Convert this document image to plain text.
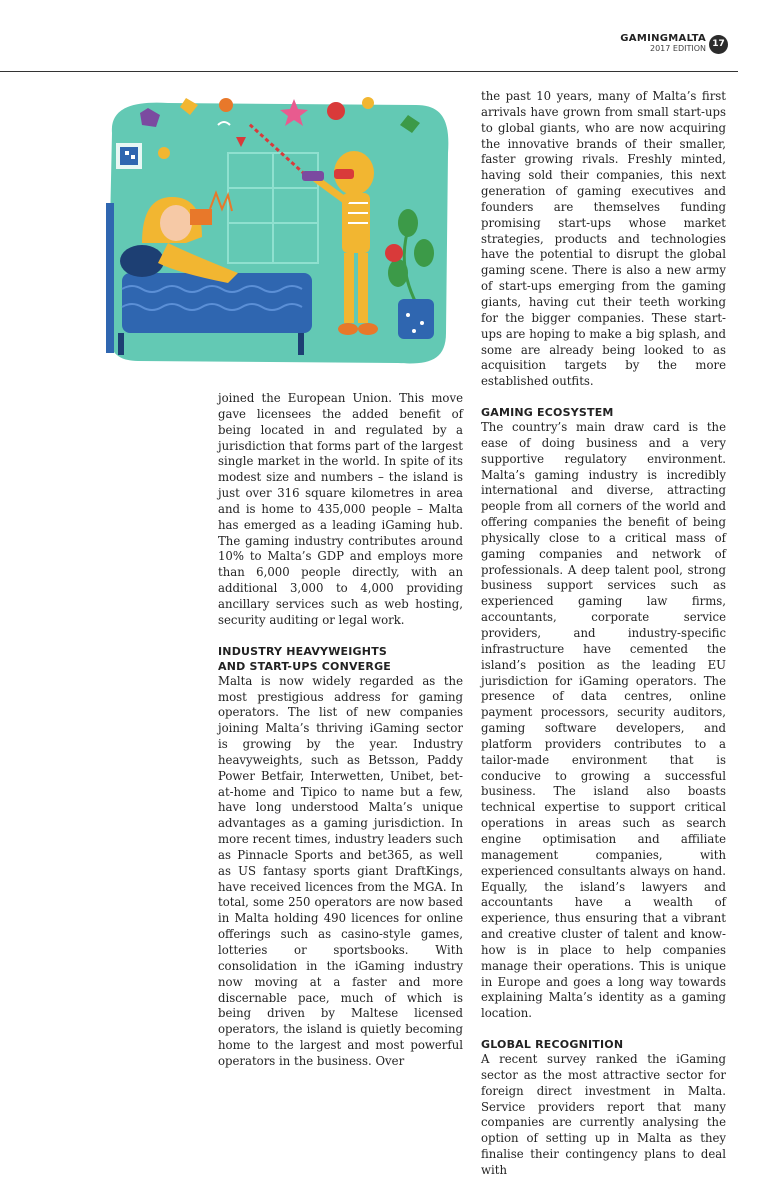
GAMINGMALTA
2017 EDITION 17

joined the European Union. This move gave licensees the added benefit of being located in and regulated by a jurisdiction that forms part of the largest single market in the world. In spite of its modest size and numbers – the island is just over 316 square kilometres in area and is home to 435,000 people – Malta has emerged as a leading iGaming hub. The gaming industry contributes around 10% to Malta’s GDP and employs more than 6,000 people directly, with an additional 3,000 to 4,000 providing ancillary services such as web hosting, security auditing or legal work.

INDUSTRY HEAVYWEIGHTS
AND START-UPS CONVERGE

Malta is now widely regarded as the most prestigious address for gaming operators. The list of new companies joining Malta’s thriving iGaming sector is growing by the year. Industry heavyweights, such as Betsson, Paddy Power Betfair, Interwetten, Unibet, bet-at-home and Tipico to name but a few, have long understood Malta’s unique advantages as a gaming jurisdiction. In more recent times, industry leaders such as Pinnacle Sports and bet365, as well as US fantasy sports giant DraftKings, have received licences from the MGA. In total, some 250 operators are now based in Malta holding 490 licences for online offerings such as casino-style games, lotteries or sportsbooks. With consolidation in the iGaming industry now moving at a faster and more discernable pace, much of which is being driven by Maltese licensed operators, the island is quietly becoming home to the largest and most powerful operators in the business. Over

the past 10 years, many of Malta’s first arrivals have grown from small start-ups to global giants, who are now acquiring the innovative brands of their smaller, faster growing rivals. Freshly minted, having sold their companies, this next generation of gaming executives and founders are themselves funding promising start-ups whose market strategies, products and technologies have the potential to disrupt the global gaming scene. There is also a new army of start-ups emerging from the gaming giants, having cut their teeth working for the bigger companies. These start-ups are hoping to make a big splash, and some are already being looked to as acquisition targets by the more established outfits.

GAMING ECOSYSTEM

The country’s main draw card is the ease of doing business and a very supportive regulatory environment. Malta’s gaming industry is incredibly international and diverse, attracting people from all corners of the world and offering companies the benefit of being physically close to a critical mass of gaming companies and network of professionals. A deep talent pool, strong business support services such as experienced gaming law firms, accountants, corporate service providers, and industry-specific infrastructure have cemented the island’s position as the leading EU jurisdiction for iGaming operators. The presence of data centres, online payment processors, security auditors, gaming software developers, and platform providers contributes to a tailor-made environment that is conducive to growing a successful business. The island also boasts technical expertise to support critical operations in areas such as search engine optimisation and affiliate management companies, with experienced consultants always on hand. Equally, the island’s lawyers and accountants have a wealth of experience, thus ensuring that a vibrant and creative cluster of talent and know-how is in place to help companies manage their operations. This is unique in Europe and goes a long way towards explaining Malta’s identity as a gaming location.

GLOBAL RECOGNITION

A recent survey ranked the iGaming sector as the most attractive sector for foreign direct investment in Malta. Service providers report that many companies are currently analysing the option of setting up in Malta as they finalise their contingency plans to deal with
